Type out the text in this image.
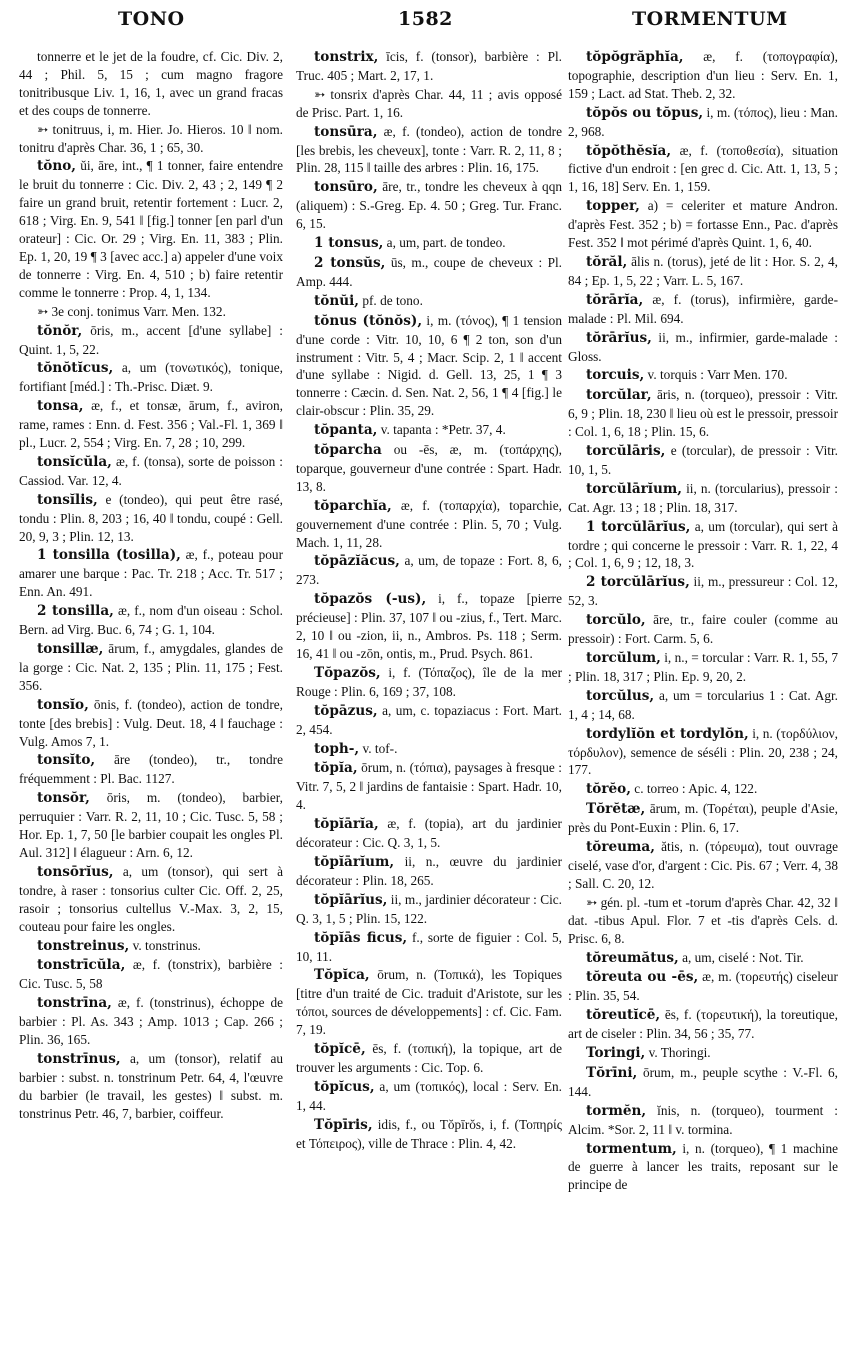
TONO	1582	TORMENTUM
tonnerre et le jet de la foudre, cf. Cic. Div. 2, 44 ; Phil. 5, 15 ; cum magno fragore tonitribusque Liv. 1, 16, 1, avec un grand fracas et des coups de tonnerre.
➳ tonitruus, i, m. Hier. Jo. Hieros. 10 ‖ nom. tonitru d'après Char. 36, 1 ; 65, 30.
tŏno, ŭi, āre, int., ¶ 1 tonner, faire entendre le bruit du tonnerre : Cic. Div. 2, 43 ; 2, 149 ¶ 2 faire un grand bruit, retentir fortement : Lucr. 2, 618 ; Virg. En. 9, 541 ‖ [fig.] tonner [en parl d'un orateur] : Cic. Or. 29 ; Virg. En. 11, 383 ; Plin. Ep. 1, 20, 19 ¶ 3 [avec acc.] a) appeler d'une voix de tonnerre : Virg. En. 4, 510 ; b) faire retentir comme le tonnerre : Prop. 4, 1, 134.
➳ 3e conj. tonimus Varr. Men. 132.
tŏnŏr, ōris, m., accent [d'une syllabe] : Quint. 1, 5, 22.
tŏnŏtĭcus, a, um (τονωτικός), tonique, fortifiant [méd.] : Th.-Prisc. Diæt. 9.
tonsa, æ, f., et tonsæ, ārum, f., aviron, rame, rames : Enn. d. Fest. 356 ; Val.-Fl. 1, 369 ‖ pl., Lucr. 2, 554 ; Virg. En. 7, 28 ; 10, 299.
tonsĭcŭla, æ, f. (tonsa), sorte de poisson : Cassiod. Var. 12, 4.
tonsĭlis, e (tondeo), qui peut être rasé, tondu : Plin. 8, 203 ; 16, 40 ‖ tondu, coupé : Gell. 20, 9, 3 ; Plin. 12, 13.
1 tonsilla (tosilla), æ, f., poteau pour amarer une barque : Pac. Tr. 218 ; Acc. Tr. 517 ; Enn. An. 491.
2 tonsilla, æ, f., nom d'un oiseau : Schol. Bern. ad Virg. Buc. 6, 74 ; G. 1, 104.
tonsillæ, ārum, f., amygdales, glandes de la gorge : Cic. Nat. 2, 135 ; Plin. 11, 175 ; Fest. 356.
tonsĭo, ōnis, f. (tondeo), action de tondre, tonte [des brebis] : Vulg. Deut. 18, 4 ‖ fauchage : Vulg. Amos 7, 1.
tonsĭto, āre (tondeo), tr., tondre fréquemment : Pl. Bac. 1127.
tonsŏr, ōris, m. (tondeo), barbier, perruquier : Varr. R. 2, 11, 10 ; Cic. Tusc. 5, 58 ; Hor. Ep. 1, 7, 50 [le barbier coupait les ongles Pl. Aul. 312] ‖ élagueur : Arn. 6, 12.
tonsōrĭus, a, um (tonsor), qui sert à tondre, à raser : tonsorius culter Cic. Off. 2, 25, rasoir ; tonsorius cultellus V.-Max. 3, 2, 15, couteau pour faire les ongles.
tonstreinus, v. tonstrinus.
tonstrīcŭla, æ, f. (tonstrix), barbière : Cic. Tusc. 5, 58
tonstrīna, æ, f. (tonstrinus), échoppe de barbier : Pl. As. 343 ; Amp. 1013 ; Cap. 266 ; Plin. 36, 165.
tonstrīnus, a, um (tonsor), relatif au barbier : subst. n. tonstrinum Petr. 64, 4, l'œuvre du barbier (le travail, les gestes) ‖ subst. m. tonstrinus Petr. 46, 7, barbier, coiffeur.
tonstrix, īcis, f. (tonsor), barbière : Pl. Truc. 405 ; Mart. 2, 17, 1.
➳ tonsrix d'après Char. 44, 11 ; avis opposé de Prisc. Part. 1, 16.
tonsūra, æ, f. (tondeo), action de tondre [les brebis, les cheveux], tonte : Varr. R. 2, 11, 8 ; Plin. 28, 115 ‖ taille des arbres : Plin. 16, 175.
tonsūro, āre, tr., tondre les cheveux à qqn (aliquem) : S.-Greg. Ep. 4. 50 ; Greg. Tur. Franc. 6, 15.
1 tonsus, a, um, part. de tondeo.
2 tonsŭs, ūs, m., coupe de cheveux : Pl. Amp. 444.
tŏnŭi, pf. de tono.
tŏnus (tŏnŏs), i, m. (τόνος), ¶ 1 tension d'une corde : Vitr. 10, 10, 6 ¶ 2 ton, son d'un instrument : Vitr. 5, 4 ; Macr. Scip. 2, 1 ‖ accent d'une syllabe : Nigid. d. Gell. 13, 25, 1 ¶ 3 tonnerre : Cæcin. d. Sen. Nat. 2, 56, 1 ¶ 4 [fig.] le clair-obscur : Plin. 35, 29.
tŏpanta, v. tapanta : *Petr. 37, 4.
tŏparcha ou -ēs, æ, m. (τοπάρχης), toparque, gouverneur d'une contrée : Spart. Hadr. 13, 8.
tŏparchĭa, æ, f. (τοπαρχία), toparchie, gouvernement d'une contrée : Plin. 5, 70 ; Vulg. Mach. 1, 11, 28.
tŏpāzĭăcus, a, um, de topaze : Fort. 8, 6, 273.
tŏpazŏs (-us), i, f., topaze [pierre précieuse] : Plin. 37, 107 ‖ ou -zius, f., Tert. Marc. 2, 10 ‖ ou -zion, ii, n., Ambros. Ps. 118 ; Serm. 16, 41 ‖ ou -zōn, ontis, m., Prud. Psych. 861.
Tŏpazŏs, i, f. (Τόπαζος), île de la mer Rouge : Plin. 6, 169 ; 37, 108.
tŏpāzus, a, um, c. topaziacus : Fort. Mart. 2, 454.
toph-, v. tof-.
tŏpĭa, ōrum, n. (τόπια), paysages à fresque : Vitr. 7, 5, 2 ‖ jardins de fantaisie : Spart. Hadr. 10, 4.
tŏpĭārĭa, æ, f. (topia), art du jardinier décorateur : Cic. Q. 3, 1, 5.
tŏpĭārĭum, ii, n., œuvre du jardinier décorateur : Plin. 18, 265.
tŏpĭārĭus, ii, m., jardinier décorateur : Cic. Q. 3, 1, 5 ; Plin. 15, 122.
tŏpĭās ficus, f., sorte de figuier : Col. 5, 10, 11.
Tŏpĭca, ōrum, n. (Τοπικά), les Topiques [titre d'un traité de Cic. traduit d'Aristote, sur les τόποι, sources de développements] : cf. Cic. Fam. 7, 19.
tŏpĭcē, ēs, f. (τοπική), la topique, art de trouver les arguments : Cic. Top. 6.
tŏpĭcus, a, um (τοπικός), local : Serv. En. 1, 44.
Tŏpīris, idis, f., ou Tŏpīrŏs, i, f. (Τοπηρίς et Τόπειρος), ville de Thrace : Plin. 4, 42.
tŏpŏgrăphĭa, æ, f. (τοπογραφία), topographie, description d'un lieu : Serv. En. 1, 159 ; Lact. ad Stat. Theb. 2, 32.
tŏpŏs ou tŏpus, i, m. (τόπος), lieu : Man. 2, 968.
tŏpŏthĕsĭa, æ, f. (τοποθεσία), situation fictive d'un endroit : [en grec d. Cic. Att. 1, 13, 5 ; 1, 16, 18] Serv. En. 1, 159.
topper, a) = celeriter et mature Andron. d'après Fest. 352 ; b) = fortasse Enn., Pac. d'après Fest. 352 ‖ mot périmé d'après Quint. 1, 6, 40.
tŏrăl, ālis n. (torus), jeté de lit : Hor. S. 2, 4, 84 ; Ep. 1, 5, 22 ; Varr. L. 5, 167.
tŏrārĭa, æ, f. (torus), infirmière, garde-malade : Pl. Mil. 694.
tŏrārĭus, ii, m., infirmier, garde-malade : Gloss.
torcuis, v. torquis : Varr Men. 170.
torcŭlar, āris, n. (torqueo), pressoir : Vitr. 6, 9 ; Plin. 18, 230 ‖ lieu où est le pressoir, pressoir : Col. 1, 6, 18 ; Plin. 15, 6.
torcŭlāris, e (torcular), de pressoir : Vitr. 10, 1, 5.
torcŭlārĭum, ii, n. (torcularius), pressoir : Cat. Agr. 13 ; 18 ; Plin. 18, 317.
1 torcŭlārĭus, a, um (torcular), qui sert à tordre ; qui concerne le pressoir : Varr. R. 1, 22, 4 ; Col. 1, 6, 9 ; 12, 18, 3.
2 torcŭlārĭus, ii, m., pressureur : Col. 12, 52, 3.
torcŭlo, āre, tr., faire couler (comme au pressoir) : Fort. Carm. 5, 6.
torcŭlum, i, n., = torcular : Varr. R. 1, 55, 7 ; Plin. 18, 317 ; Plin. Ep. 9, 20, 2.
torcŭlus, a, um = torcularius 1 : Cat. Agr. 1, 4 ; 14, 68.
tordylĭŏn et tordylŏn, i, n. (τορδύλιον, τόρδυλον), semence de séséli : Plin. 20, 238 ; 24, 177.
tŏrĕo, c. torreo : Apic. 4, 122.
Tŏrĕtæ, ārum, m. (Τορέται), peuple d'Asie, près du Pont-Euxin : Plin. 6, 17.
tŏreuma, ătis, n. (τόρευμα), tout ouvrage ciselé, vase d'or, d'argent : Cic. Pis. 67 ; Verr. 4, 38 ; Sall. C. 20, 12.
➳ gén. pl. -tum et -torum d'après Char. 42, 32 ‖ dat. -tibus Apul. Flor. 7 et -tis d'après Cels. d. Prisc. 6, 8.
tŏreumătus, a, um, ciselé : Not. Tir.
tŏreuta ou -ēs, æ, m. (τορευτής) ciseleur : Plin. 35, 54.
tŏreutĭcē, ēs, f. (τορευτική), la toreutique, art de ciseler : Plin. 34, 56 ; 35, 77.
Toringi, v. Thoringi.
Tŏrīni, ōrum, m., peuple scythe : V.-Fl. 6, 144.
tormĕn, ĭnis, n. (torqueo), tourment : Alcim. *Sor. 2, 11 ‖ v. tormina.
tormentum, i, n. (torqueo), ¶ 1 machine de guerre à lancer les traits, reposant sur le principe de
